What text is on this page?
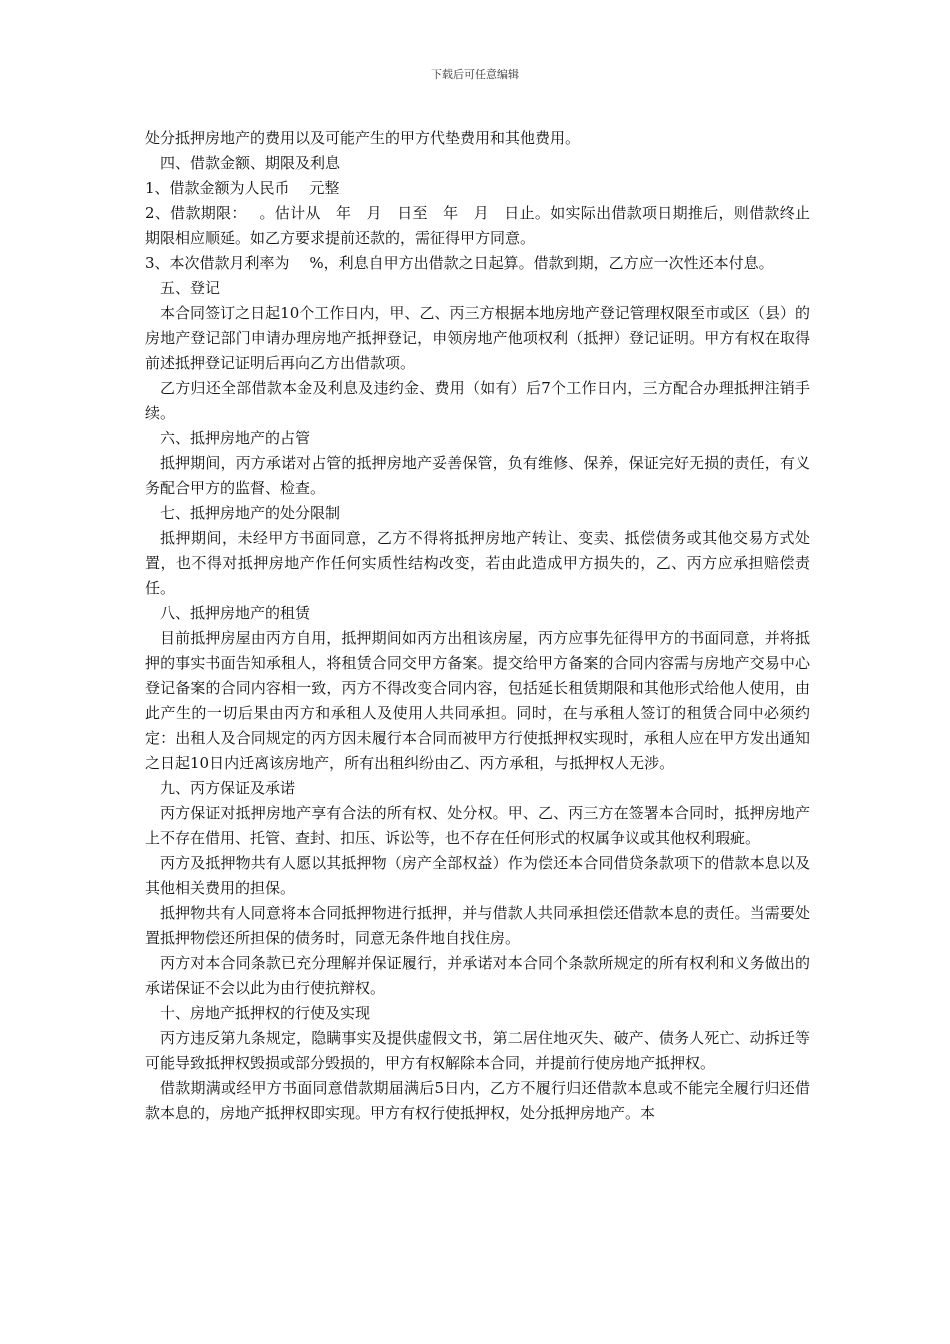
下载后可任意编辑

处分抵押房地产的费用以及可能产生的甲方代垫费用和其他费用。

四、借款金额、期限及利息

1、借款金额为人民币　 元整

2、借款期限：　 。估计从　年　月　日至　年　月　日止。如实际出借款项日期推后，则借款终止期限相应顺延。如乙方要求提前还款的，需征得甲方同意。

3、本次借款月利率为　 %，利息自甲方出借款之日起算。借款到期，乙方应一次性还本付息。

五、登记

本合同签订之日起10个工作日内，甲、乙、丙三方根据本地房地产登记管理权限至市或区（县）的房地产登记部门申请办理房地产抵押登记，申领房地产他项权利（抵押）登记证明。甲方有权在取得前述抵押登记证明后再向乙方出借款项。

乙方归还全部借款本金及利息及违约金、费用（如有）后7个工作日内，三方配合办理抵押注销手续。

六、抵押房地产的占管

抵押期间，丙方承诺对占管的抵押房地产妥善保管，负有维修、保养，保证完好无损的责任，有义务配合甲方的监督、检查。

七、抵押房地产的处分限制

抵押期间，未经甲方书面同意，乙方不得将抵押房地产转让、变卖、抵偿债务或其他交易方式处置，也不得对抵押房地产作任何实质性结构改变，若由此造成甲方损失的，乙、丙方应承担赔偿责任。

八、抵押房地产的租赁

目前抵押房屋由丙方自用，抵押期间如丙方出租该房屋，丙方应事先征得甲方的书面同意，并将抵押的事实书面告知承租人，将租赁合同交甲方备案。提交给甲方备案的合同内容需与房地产交易中心登记备案的合同内容相一致，丙方不得改变合同内容，包括延长租赁期限和其他形式给他人使用，由此产生的一切后果由丙方和承租人及使用人共同承担。同时，在与承租人签订的租赁合同中必须约定：出租人及合同规定的丙方因未履行本合同而被甲方行使抵押权实现时，承租人应在甲方发出通知之日起10日内迁离该房地产，所有出租纠纷由乙、丙方承租，与抵押权人无涉。

九、丙方保证及承诺

丙方保证对抵押房地产享有合法的所有权、处分权。甲、乙、丙三方在签署本合同时，抵押房地产上不存在借用、托管、查封、扣压、诉讼等，也不存在任何形式的权属争议或其他权利瑕疵。

丙方及抵押物共有人愿以其抵押物（房产全部权益）作为偿还本合同借贷条款项下的借款本息以及其他相关费用的担保。

抵押物共有人同意将本合同抵押物进行抵押，并与借款人共同承担偿还借款本息的责任。当需要处置抵押物偿还所担保的债务时，同意无条件地自找住房。

丙方对本合同条款已充分理解并保证履行，并承诺对本合同个条款所规定的所有权利和义务做出的承诺保证不会以此为由行使抗辩权。

十、房地产抵押权的行使及实现

丙方违反第九条规定，隐瞒事实及提供虚假文书，第二居住地灭失、破产、债务人死亡、动拆迁等可能导致抵押权毁损或部分毁损的，甲方有权解除本合同，并提前行使房地产抵押权。

借款期满或经甲方书面同意借款期届满后5日内，乙方不履行归还借款本息或不能完全履行归还借款本息的，房地产抵押权即实现。甲方有权行使抵押权，处分抵押房地产。本
